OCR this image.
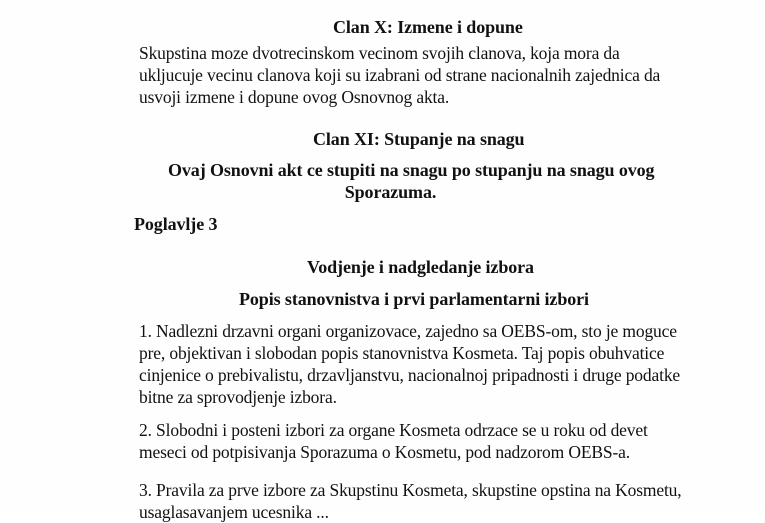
Clan X: Izmene i dopune
Skupstina moze dvotrecinskom vecinom svojih clanova, koja mora da
ukljucuje vecinu clanova koji su izabrani od strane nacionalnih zajednica da
usvoji izmene i dopune ovog Osnovnog akta.
Clan XI: Stupanje na snagu
Ovaj Osnovni akt ce stupiti na snagu po stupanju na snagu ovog
Sporazuma.
Poglavlje 3
Vodjenje i nadgledanje izbora
Popis stanovnistva i prvi parlamentarni izbori
1. Nadlezni drzavni organi organizovace, zajedno sa OEBS-om, sto je moguce
pre, objektivan i slobodan popis stanovnistva Kosmeta. Taj popis obuhvatice
cinjenice o prebivalistu, drzavljanstvu, nacionalnoj pripadnosti i druge podatke
bitne za sprovodjenje izbora.
2. Slobodni i posteni izbori za organe Kosmeta odrzace se u roku od devet
meseci od potpisivanja Sporazuma o Kosmetu, pod nadzorom OEBS-a.
3. Pravila za prve izbore za Skupstinu Kosmeta, skupstine opstina na Kosmetu,
usaglasavanjem ucesnika ...
